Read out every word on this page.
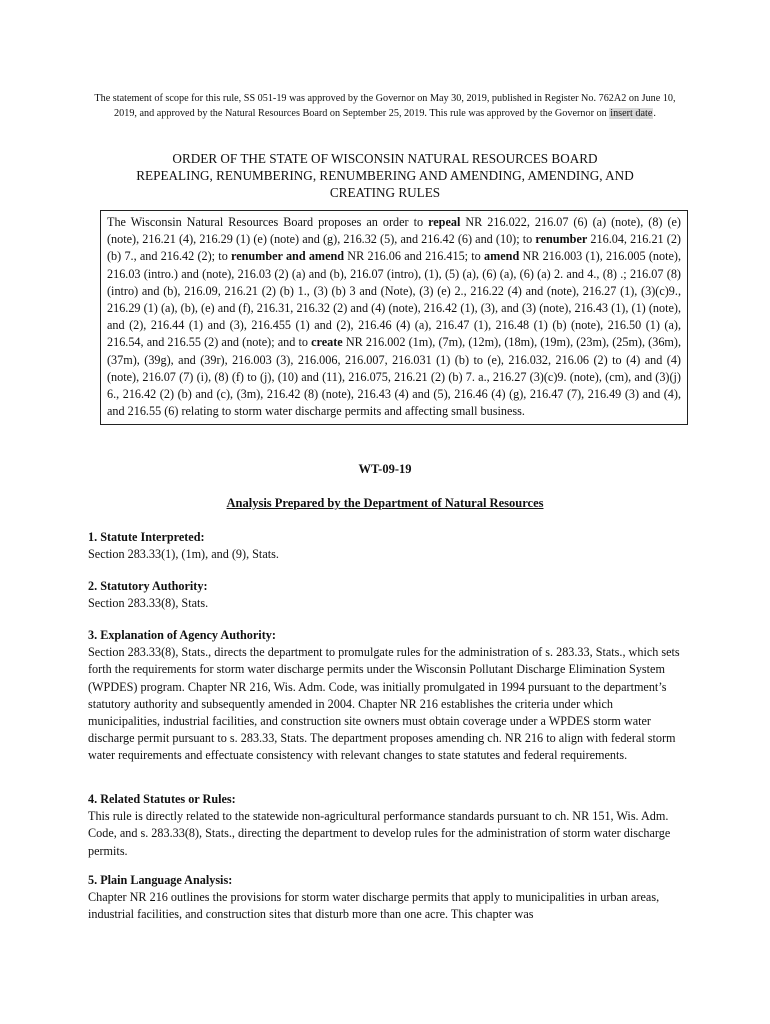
The statement of scope for this rule, SS 051-19 was approved by the Governor on May 30, 2019, published in Register No. 762A2 on June 10, 2019, and approved by the Natural Resources Board on September 25, 2019. This rule was approved by the Governor on insert date.
ORDER OF THE STATE OF WISCONSIN NATURAL RESOURCES BOARD
REPEALING, RENUMBERING, RENUMBERING AND AMENDING, AMENDING, AND
CREATING RULES
The Wisconsin Natural Resources Board proposes an order to repeal NR 216.022, 216.07 (6) (a) (note), (8) (e) (note), 216.21 (4), 216.29 (1) (e) (note) and (g), 216.32 (5), and 216.42 (6) and (10); to renumber 216.04, 216.21 (2) (b) 7., and 216.42 (2); to renumber and amend NR 216.06 and 216.415; to amend NR 216.003 (1), 216.005 (note), 216.03 (intro.) and (note), 216.03 (2) (a) and (b), 216.07 (intro), (1), (5) (a), (6) (a), (6) (a) 2. and 4., (8) .; 216.07 (8) (intro) and (b), 216.09, 216.21 (2) (b) 1., (3) (b) 3 and (Note), (3) (e) 2., 216.22 (4) and (note), 216.27 (1), (3)(c)9., 216.29 (1) (a), (b), (e) and (f), 216.31, 216.32 (2) and (4) (note), 216.42 (1), (3), and (3) (note), 216.43 (1), (1) (note), and (2), 216.44 (1) and (3), 216.455 (1) and (2), 216.46 (4) (a), 216.47 (1), 216.48 (1) (b) (note), 216.50 (1) (a), 216.54, and 216.55 (2) and (note); and to create NR 216.002 (1m), (7m), (12m), (18m), (19m), (23m), (25m), (36m), (37m), (39g), and (39r), 216.003 (3), 216.006, 216.007, 216.031 (1) (b) to (e), 216.032, 216.06 (2) to (4) and (4) (note), 216.07 (7) (i), (8) (f) to (j), (10) and (11), 216.075, 216.21 (2) (b) 7. a., 216.27 (3)(c)9. (note), (cm), and (3)(j) 6., 216.42 (2) (b) and (c), (3m), 216.42 (8) (note), 216.43 (4) and (5), 216.46 (4) (g), 216.47 (7), 216.49 (3) and (4), and 216.55 (6) relating to storm water discharge permits and affecting small business.
WT-09-19
Analysis Prepared by the Department of Natural Resources
1. Statute Interpreted:

Section 283.33(1), (1m), and (9), Stats.

2. Statutory Authority:

Section 283.33(8), Stats.

3. Explanation of Agency Authority:

Section 283.33(8), Stats., directs the department to promulgate rules for the administration of s. 283.33, Stats., which sets forth the requirements for storm water discharge permits under the Wisconsin Pollutant Discharge Elimination System (WPDES) program. Chapter NR 216, Wis. Adm. Code, was initially promulgated in 1994 pursuant to the department’s statutory authority and subsequently amended in 2004. Chapter NR 216 establishes the criteria under which municipalities, industrial facilities, and construction site owners must obtain coverage under a WPDES storm water discharge permit pursuant to s. 283.33, Stats. The department proposes amending ch. NR 216 to align with federal storm water requirements and effectuate consistency with relevant changes to state statutes and federal requirements.

4. Related Statutes or Rules:

This rule is directly related to the statewide non-agricultural performance standards pursuant to ch. NR 151, Wis. Adm. Code, and s. 283.33(8), Stats., directing the department to develop rules for the administration of storm water discharge permits.

5. Plain Language Analysis:

Chapter NR 216 outlines the provisions for storm water discharge permits that apply to municipalities in urban areas, industrial facilities, and construction sites that disturb more than one acre. This chapter was
